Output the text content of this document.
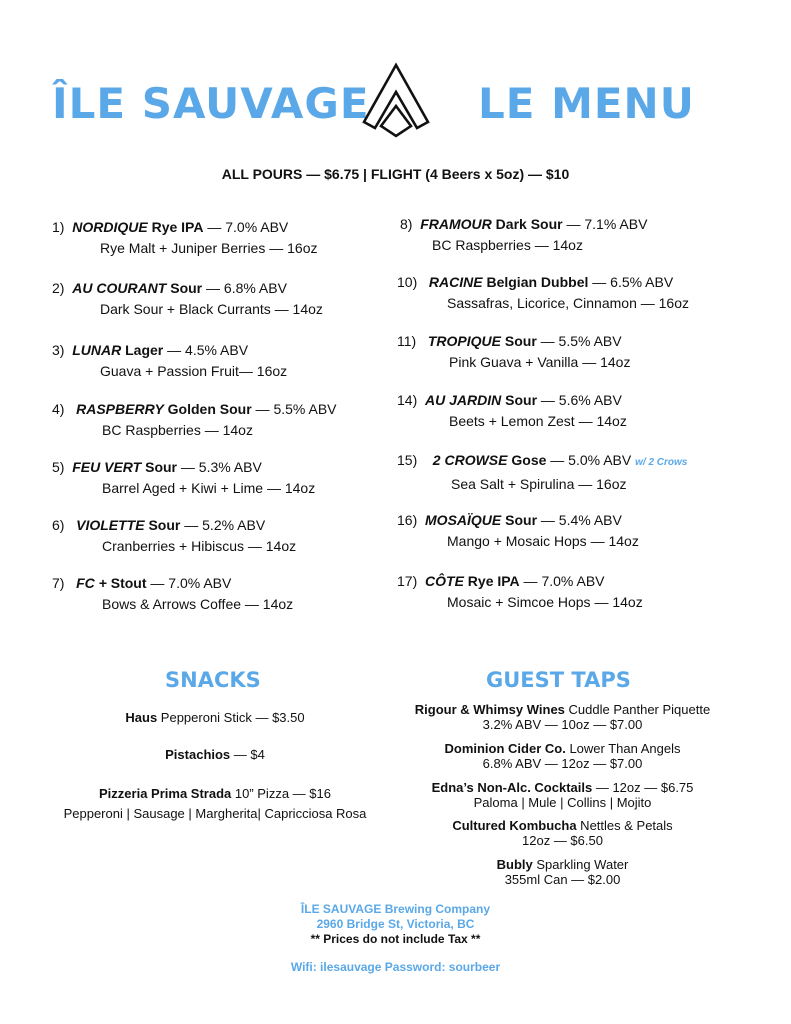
ÎLE SAUVAGE	LE MENU
ALL POURS — $6.75 | FLIGHT (4 Beers x 5oz) — $10
1) NORDIQUE Rye IPA — 7.0% ABV
Rye Malt + Juniper Berries — 16oz
2) AU COURANT Sour — 6.8% ABV
Dark Sour + Black Currants — 14oz
3) LUNAR Lager — 4.5% ABV
Guava + Passion Fruit— 16oz
4) RASPBERRY Golden Sour — 5.5% ABV
BC Raspberries — 14oz
5) FEU VERT Sour — 5.3% ABV
Barrel Aged + Kiwi + Lime — 14oz
6) VIOLETTE Sour — 5.2% ABV
Cranberries + Hibiscus — 14oz
7) FC + Stout — 7.0% ABV
Bows & Arrows Coffee — 14oz
8) FRAMOUR Dark Sour — 7.1% ABV
BC Raspberries — 14oz
10) RACINE Belgian Dubbel — 6.5% ABV
Sassafras, Licorice, Cinnamon — 16oz
11) TROPIQUE Sour — 5.5% ABV
Pink Guava + Vanilla — 14oz
14) AU JARDIN Sour — 5.6% ABV
Beets + Lemon Zest — 14oz
15) 2 CROWSE Gose — 5.0% ABV w/ 2 Crows
Sea Salt + Spirulina — 16oz
16) MOSAÏQUE Sour — 5.4% ABV
Mango + Mosaic Hops — 14oz
17) CÔTE Rye IPA — 7.0% ABV
Mosaic + Simcoe Hops — 14oz
SNACKS
Haus Pepperoni Stick — $3.50
Pistachios — $4
Pizzeria Prima Strada 10” Pizza — $16
Pepperoni | Sausage | Margherita| Capricciosa Rosa
GUEST TAPS
Rigour & Whimsy Wines Cuddle Panther Piquette
3.2% ABV — 10oz — $7.00
Dominion Cider Co. Lower Than Angels
6.8% ABV — 12oz — $7.00
Edna’s Non-Alc. Cocktails — 12oz — $6.75
Paloma | Mule | Collins | Mojito
Cultured Kombucha Nettles & Petals
12oz — $6.50
Bubly Sparkling Water
355ml Can — $2.00
ÎLE SAUVAGE Brewing Company
2960 Bridge St, Victoria, BC
** Prices do not include Tax **
Wifi: ilesauvage Password: sourbeer
